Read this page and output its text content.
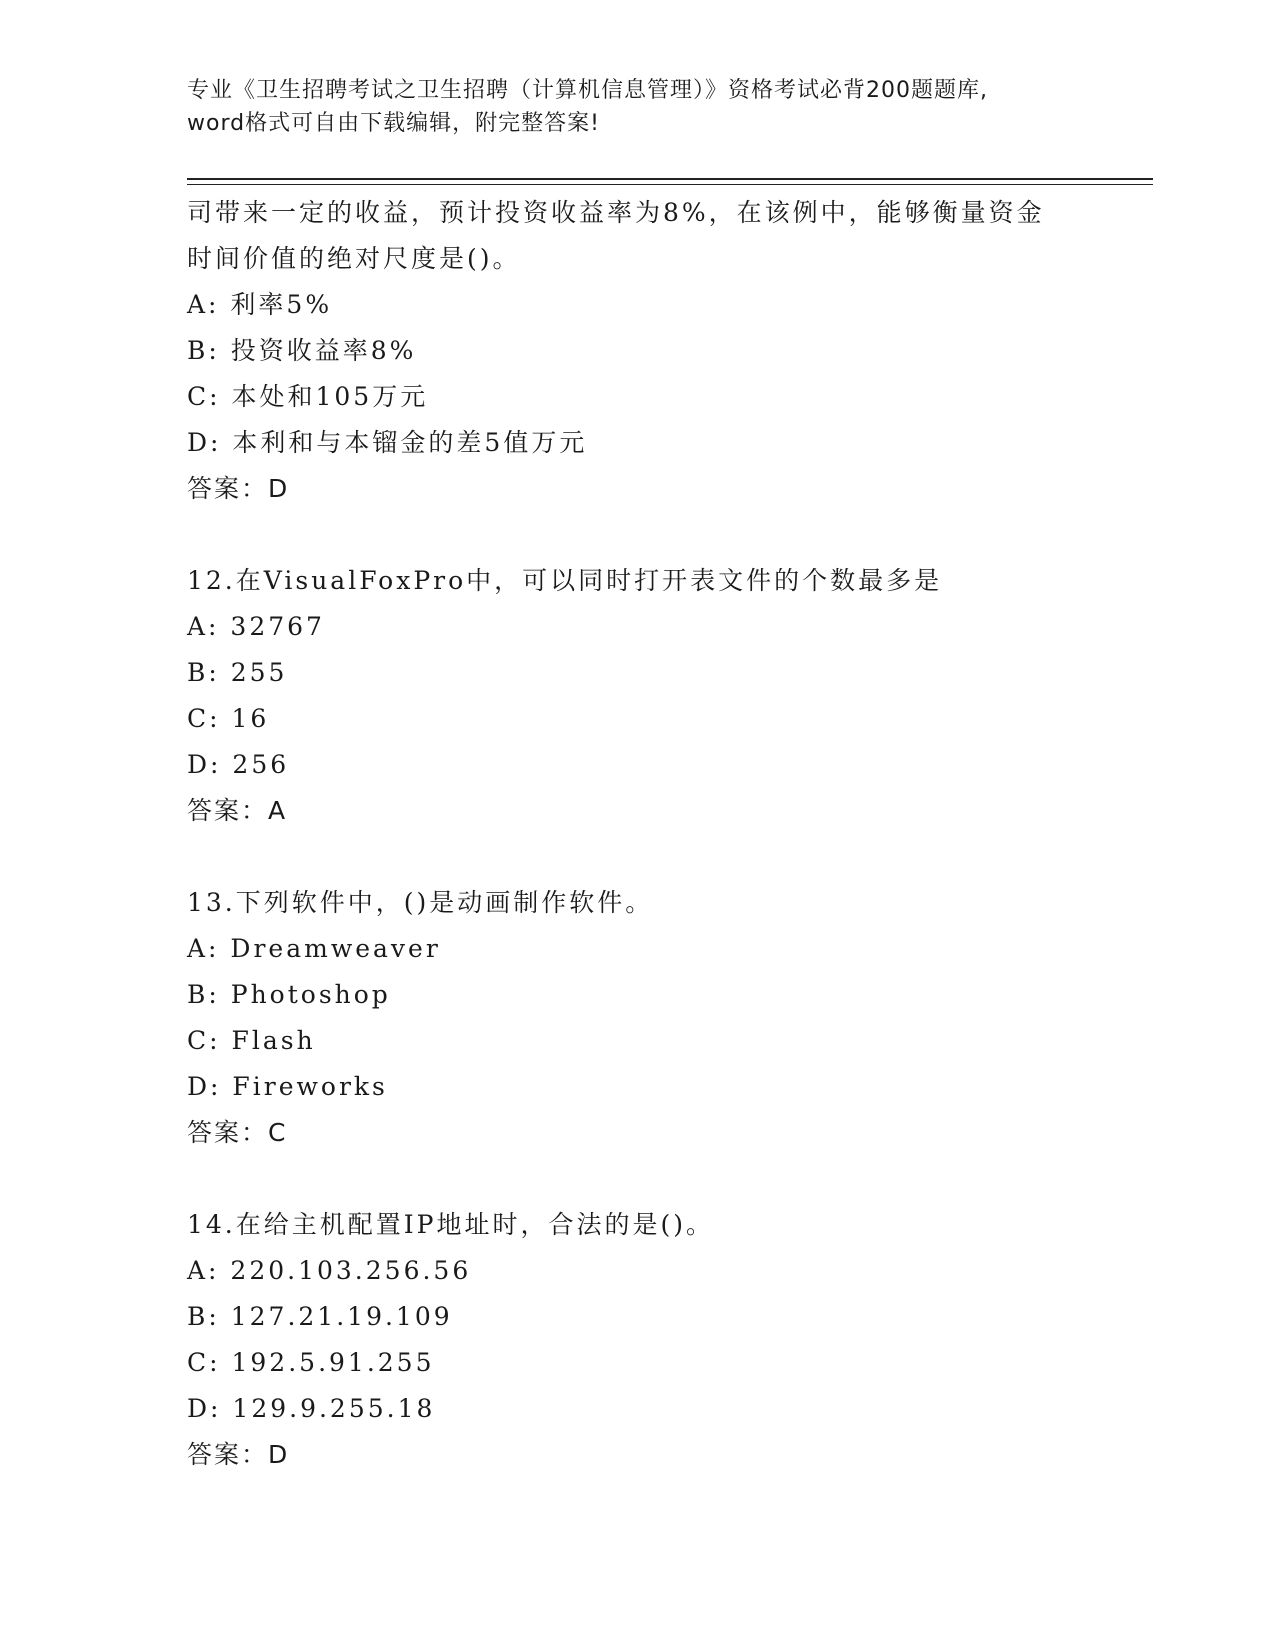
专业《卫生招聘考试之卫生招聘（计算机信息管理）》资格考试必背200题题库,
word格式可自由下载编辑，附完整答案!
司带来一定的收益，预计投资收益率为8%，在该例中，能够衡量资金
时间价值的绝对尺度是()。
A: 利率5%
B: 投资收益率8%
C: 本处和105万元
D: 本利和与本镏金的差5值万元
答案：D
12.在VisualFoxPro中，可以同时打开表文件的个数最多是
A: 32767
B: 255
C: 16
D: 256
答案：A
13.下列软件中，()是动画制作软件。
A: Dreamweaver
B: Photoshop
C: Flash
D: Fireworks
答案：C
14.在给主机配置IP地址时，合法的是()。
A: 220.103.256.56
B: 127.21.19.109
C: 192.5.91.255
D: 129.9.255.18
答案：D
